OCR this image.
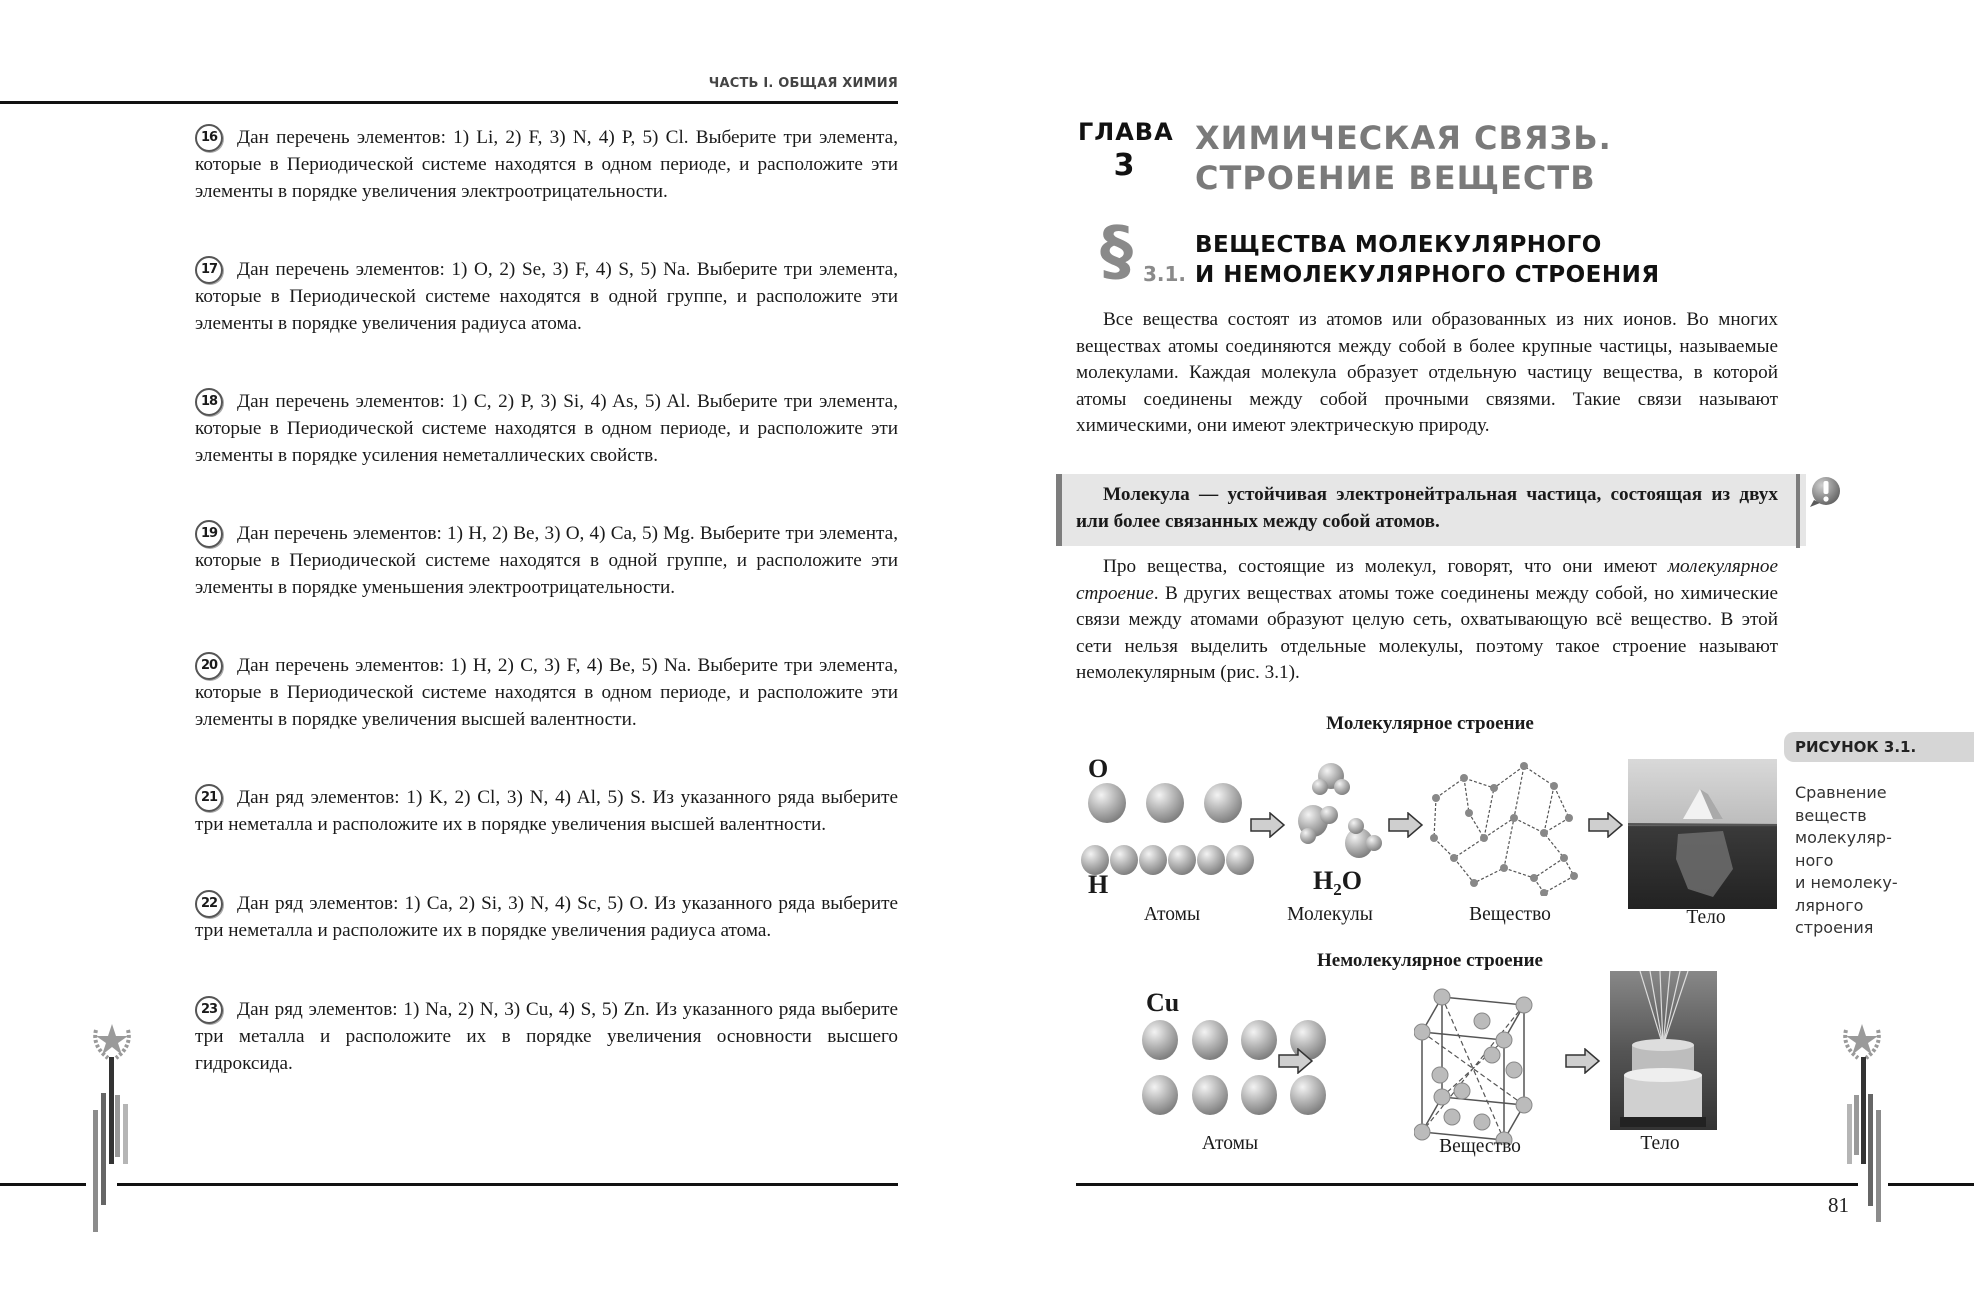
ЧАСТЬ I. ОБЩАЯ ХИМИЯ
16 Дан перечень элементов: 1) Li, 2) F, 3) N, 4) P, 5) Cl. Выберите три элемента, которые в Периодической системе находятся в одном периоде, и расположите эти элементы в порядке увеличения электроотрицательности.
17 Дан перечень элементов: 1) O, 2) Se, 3) F, 4) S, 5) Na. Выберите три элемента, которые в Периодической системе находятся в одной группе, и расположите эти элементы в порядке увеличения радиуса атома.
18 Дан перечень элементов: 1) C, 2) P, 3) Si, 4) As, 5) Al. Выберите три элемента, которые в Периодической системе находятся в одном периоде, и расположите эти элементы в порядке усиления неметаллических свойств.
19 Дан перечень элементов: 1) H, 2) Be, 3) O, 4) Ca, 5) Mg. Выберите три элемента, которые в Периодической системе находятся в одной группе, и расположите эти элементы в порядке уменьшения электроотрицательности.
20 Дан перечень элементов: 1) H, 2) C, 3) F, 4) Be, 5) Na. Выберите три элемента, которые в Периодической системе находятся в одном периоде, и расположите эти элементы в порядке увеличения высшей валентности.
21 Дан ряд элементов: 1) K, 2) Cl, 3) N, 4) Al, 5) S. Из указанного ряда выберите три неметалла и расположите их в порядке увеличения высшей валентности.
22 Дан ряд элементов: 1) Ca, 2) Si, 3) N, 4) Sc, 5) O. Из указанного ряда выберите три неметалла и расположите их в порядке увеличения радиуса атома.
23 Дан ряд элементов: 1) Na, 2) N, 3) Cu, 4) S, 5) Zn. Из указанного ряда выберите три металла и расположите их в порядке увеличения основности высшего гидроксида.
ГЛАВА
3
ХИМИЧЕСКАЯ СВЯЗЬ.
СТРОЕНИЕ ВЕЩЕСТВ
§ 3.1.
ВЕЩЕСТВА МОЛЕКУЛЯРНОГО
И НЕМОЛЕКУЛЯРНОГО СТРОЕНИЯ
Все вещества состоят из атомов или образованных из них ионов. Во многих веществах атомы соединяются между собой в более крупные частицы, называемые молекулами. Каждая молекула образует отдельную частицу вещества, в которой атомы соединены между собой прочными связями. Такие связи называют химическими, они имеют электрическую природу.
Молекула — устойчивая электронейтральная частица, состоящая из двух или более связанных между собой атомов.
Про вещества, состоящие из молекул, говорят, что они имеют молекулярное строение. В других веществах атомы тоже соединены между собой, но химические связи между атомами образуют целую сеть, охватывающую всё вещество. В этой сети нельзя выделить отдельные молекулы, поэтому такое строение называют немолекулярным (рис. 3.1).
Молекулярное строение
O
H	$H_2O$
Атомы	Молекулы	Вещество	Тело
РИСУНОК 3.1.
Сравнение
веществ
молекуляр-
ного
и немолеку-
лярного
строения
Немолекулярное строение
Cu
Атомы	Вещество	Тело
81
